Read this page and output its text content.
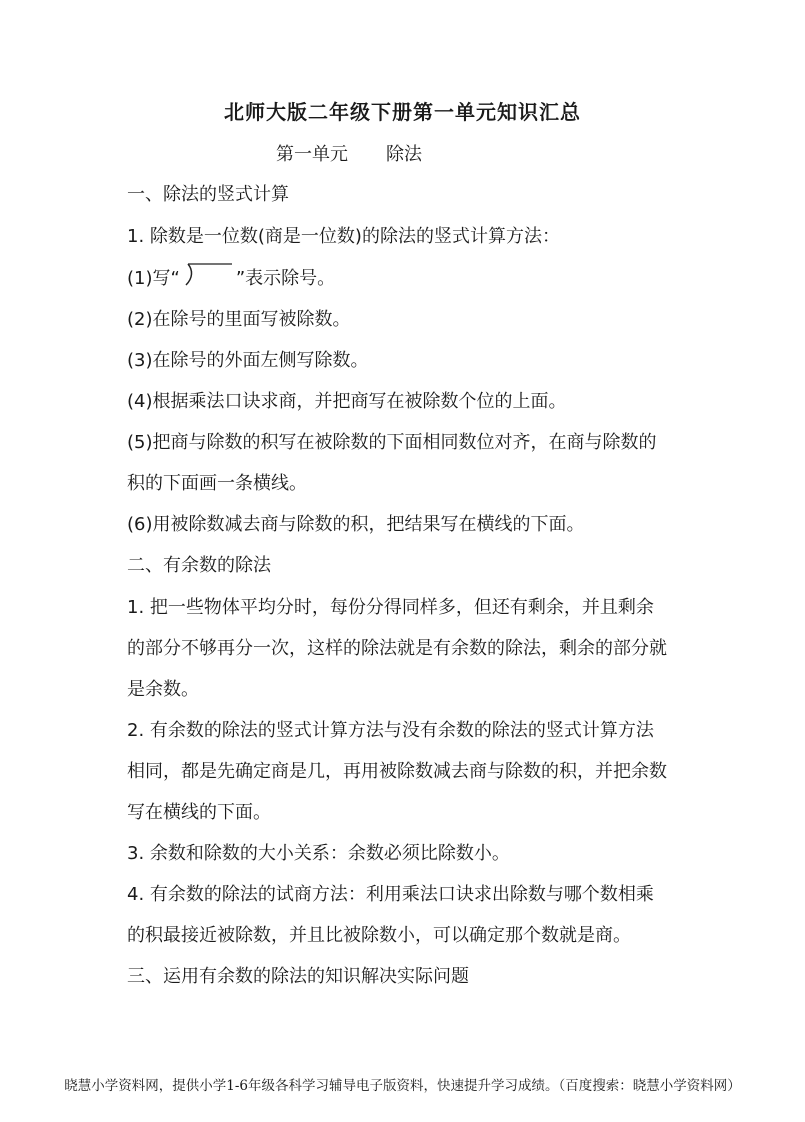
北师大版二年级下册第一单元知识汇总
第一单元 除法
一、除法的竖式计算
1. 除数是一位数(商是一位数)的除法的竖式计算方法：
(1)写“	”表示除号。
(2)在除号的里面写被除数。
(3)在除号的外面左侧写除数。
(4)根据乘法口诀求商，并把商写在被除数个位的上面。
(5)把商与除数的积写在被除数的下面相同数位对齐，在商与除数的
积的下面画一条横线。
(6)用被除数减去商与除数的积，把结果写在横线的下面。
二、有余数的除法
1. 把一些物体平均分时，每份分得同样多，但还有剩余，并且剩余
的部分不够再分一次，这样的除法就是有余数的除法，剩余的部分就
是余数。
2. 有余数的除法的竖式计算方法与没有余数的除法的竖式计算方法
相同，都是先确定商是几，再用被除数减去商与除数的积，并把余数
写在横线的下面。
3. 余数和除数的大小关系：余数必须比除数小。
4. 有余数的除法的试商方法：利用乘法口诀求出除数与哪个数相乘
的积最接近被除数，并且比被除数小，可以确定那个数就是商。
三、运用有余数的除法的知识解决实际问题
晓慧小学资料网，提供小学1-6年级各科学习辅导电子版资料，快速提升学习成绩。（百度搜索：晓慧小学资料网）
